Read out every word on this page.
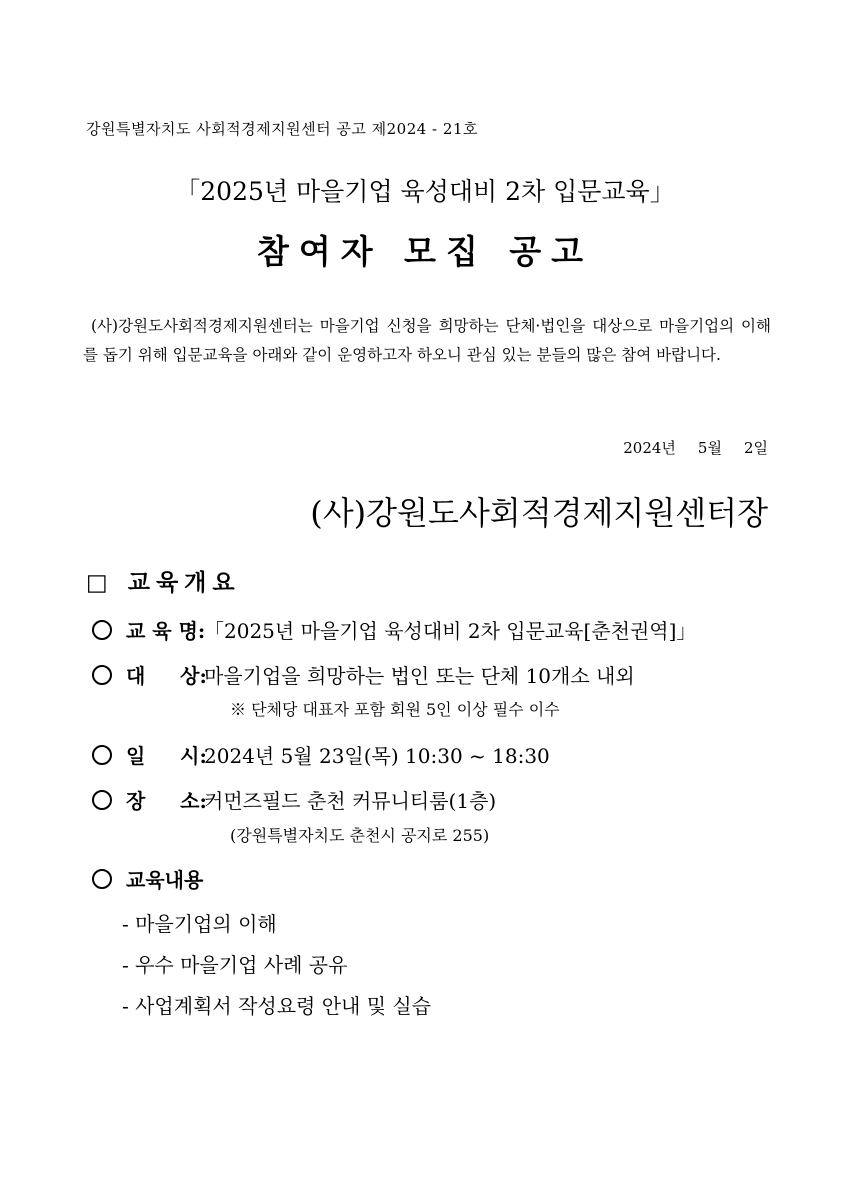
강원특별자치도 사회적경제지원센터 공고 제2024 - 21호
「2025년 마을기업 육성대비 2차 입문교육」
참여자 모집 공고
(사)강원도사회적경제지원센터는 마을기업 신청을 희망하는 단체·법인을 대상으로 마을기업의 이해를 돕기 위해 입문교육을 아래와 같이 운영하고자 하오니 관심 있는 분들의 많은 참여 바랍니다.
2024년 5월 2일
(사)강원도사회적경제지원센터장
□ 교육개요
교 육 명:「2025년 마을기업 육성대비 2차 입문교육[춘천권역]」
대     상:마을기업을 희망하는 법인 또는 단체 10개소 내외
※ 단체당 대표자 포함 회원 5인 이상 필수 이수
일     시:2024년 5월 23일(목) 10:30 ~ 18:30
장     소:커먼즈필드 춘천 커뮤니티룸(1층)
(강원특별자치도 춘천시 공지로 255)
교육내용
- 마을기업의 이해
- 우수 마을기업 사례 공유
- 사업계획서 작성요령 안내 및 실습
